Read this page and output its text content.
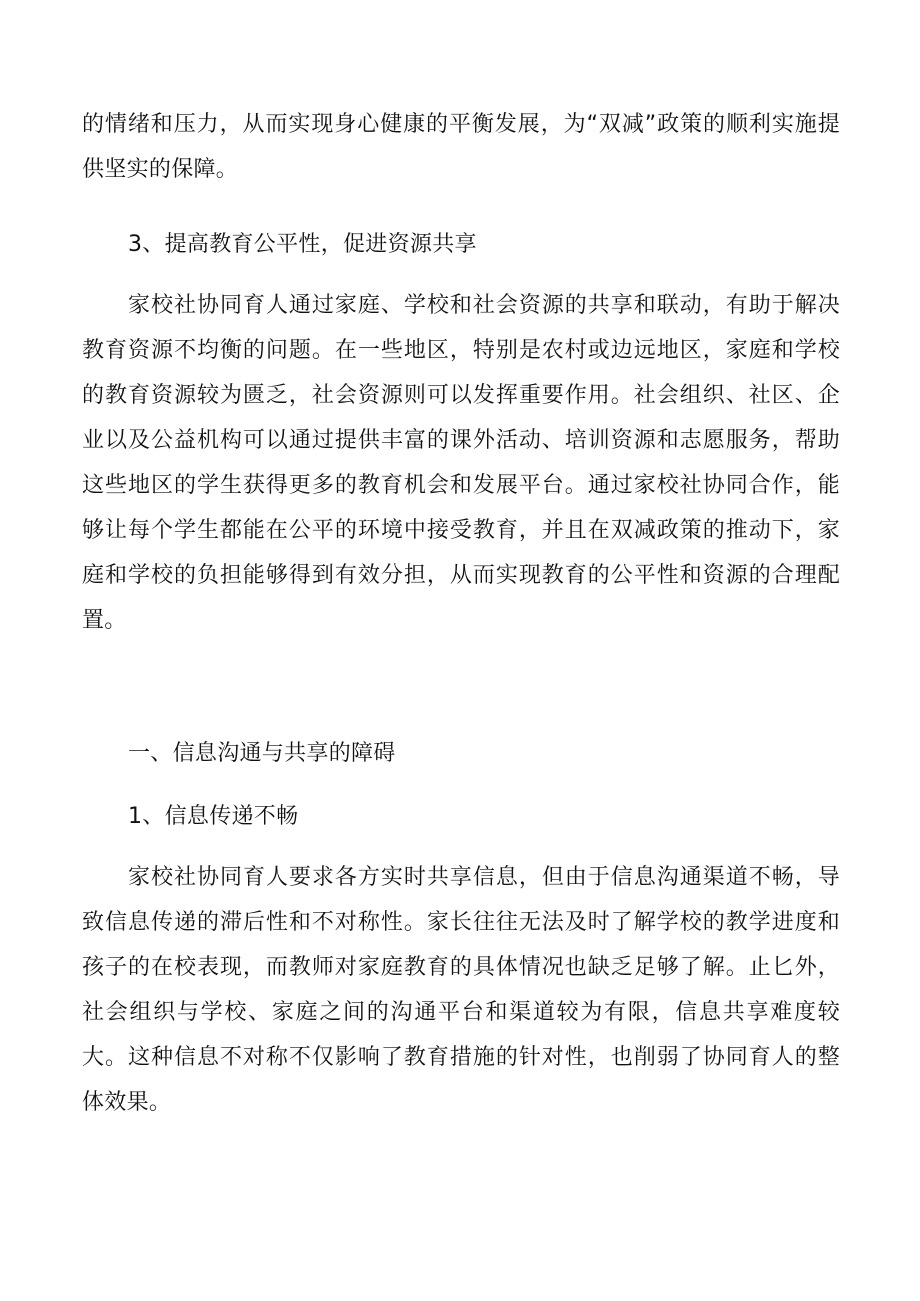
的情绪和压力，从而实现身心健康的平衡发展，为“双减”政策的顺利实施提供坚实的保障。

3、提高教育公平性，促进资源共享

家校社协同育人通过家庭、学校和社会资源的共享和联动，有助于解决教育资源不均衡的问题。在一些地区，特别是农村或边远地区，家庭和学校的教育资源较为匮乏，社会资源则可以发挥重要作用。社会组织、社区、企业以及公益机构可以通过提供丰富的课外活动、培训资源和志愿服务，帮助这些地区的学生获得更多的教育机会和发展平台。通过家校社协同合作，能够让每个学生都能在公平的环境中接受教育，并且在双减政策的推动下，家庭和学校的负担能够得到有效分担，从而实现教育的公平性和资源的合理配置。

一、信息沟通与共享的障碍

1、信息传递不畅

家校社协同育人要求各方实时共享信息，但由于信息沟通渠道不畅，导致信息传递的滞后性和不对称性。家长往往无法及时了解学校的教学进度和孩子的在校表现，而教师对家庭教育的具体情况也缺乏足够了解。止匕外，社会组织与学校、家庭之间的沟通平台和渠道较为有限，信息共享难度较大。这种信息不对称不仅影响了教育措施的针对性，也削弱了协同育人的整体效果。
